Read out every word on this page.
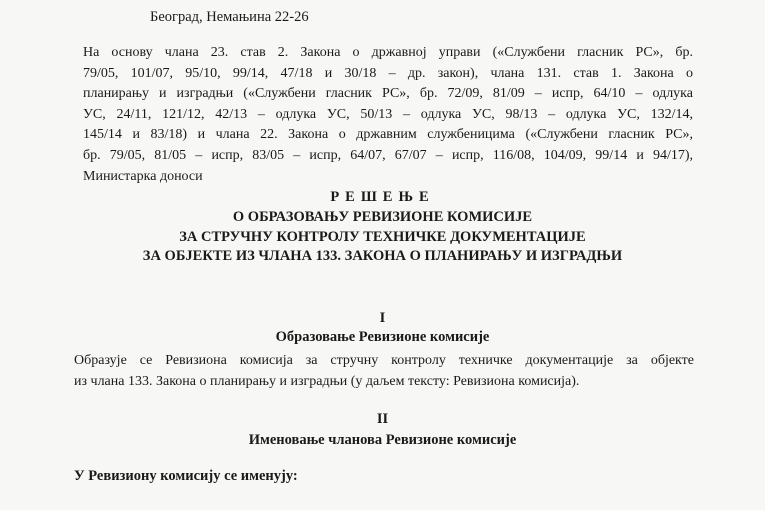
Београд, Немањина 22-26
На основу члана 23. став 2. Закона о државној управи («Службени гласник РС», бр.
79/05, 101/07, 95/10, 99/14, 47/18 и 30/18 – др. закон), члана 131. став 1. Закона о
планирању и изградњи («Службени гласник РС», бр. 72/09, 81/09 – испр, 64/10 – одлука
УС, 24/11, 121/12, 42/13 – одлука УС, 50/13 – одлука УС, 98/13 – одлука УС, 132/14,
145/14 и 83/18) и члана 22. Закона о државним службеницима («Службени гласник РС»,
бр. 79/05, 81/05 – испр, 83/05 – испр, 64/07, 67/07 – испр, 116/08, 104/09, 99/14 и 94/17),
Министарка доноси
РЕШЕЊЕ
О ОБРАЗОВАЊУ РЕВИЗИОНЕ КОМИСИЈЕ
ЗА СТРУЧНУ КОНТРОЛУ ТЕХНИЧКЕ ДОКУМЕНТАЦИЈЕ
ЗА ОБЈЕКТЕ ИЗ ЧЛАНА 133. ЗАКОНА О ПЛАНИРАЊУ И ИЗГРАДЊИ
I
Образовање Ревизионе комисије
Образује се Ревизиона комисија за стручну контролу техничке документације за објекте
из члана 133. Закона о планирању и изградњи (у даљем тексту: Ревизиона комисија).
II
Именовање чланова Ревизионе комисије
У Ревизиону комисију се именују:
